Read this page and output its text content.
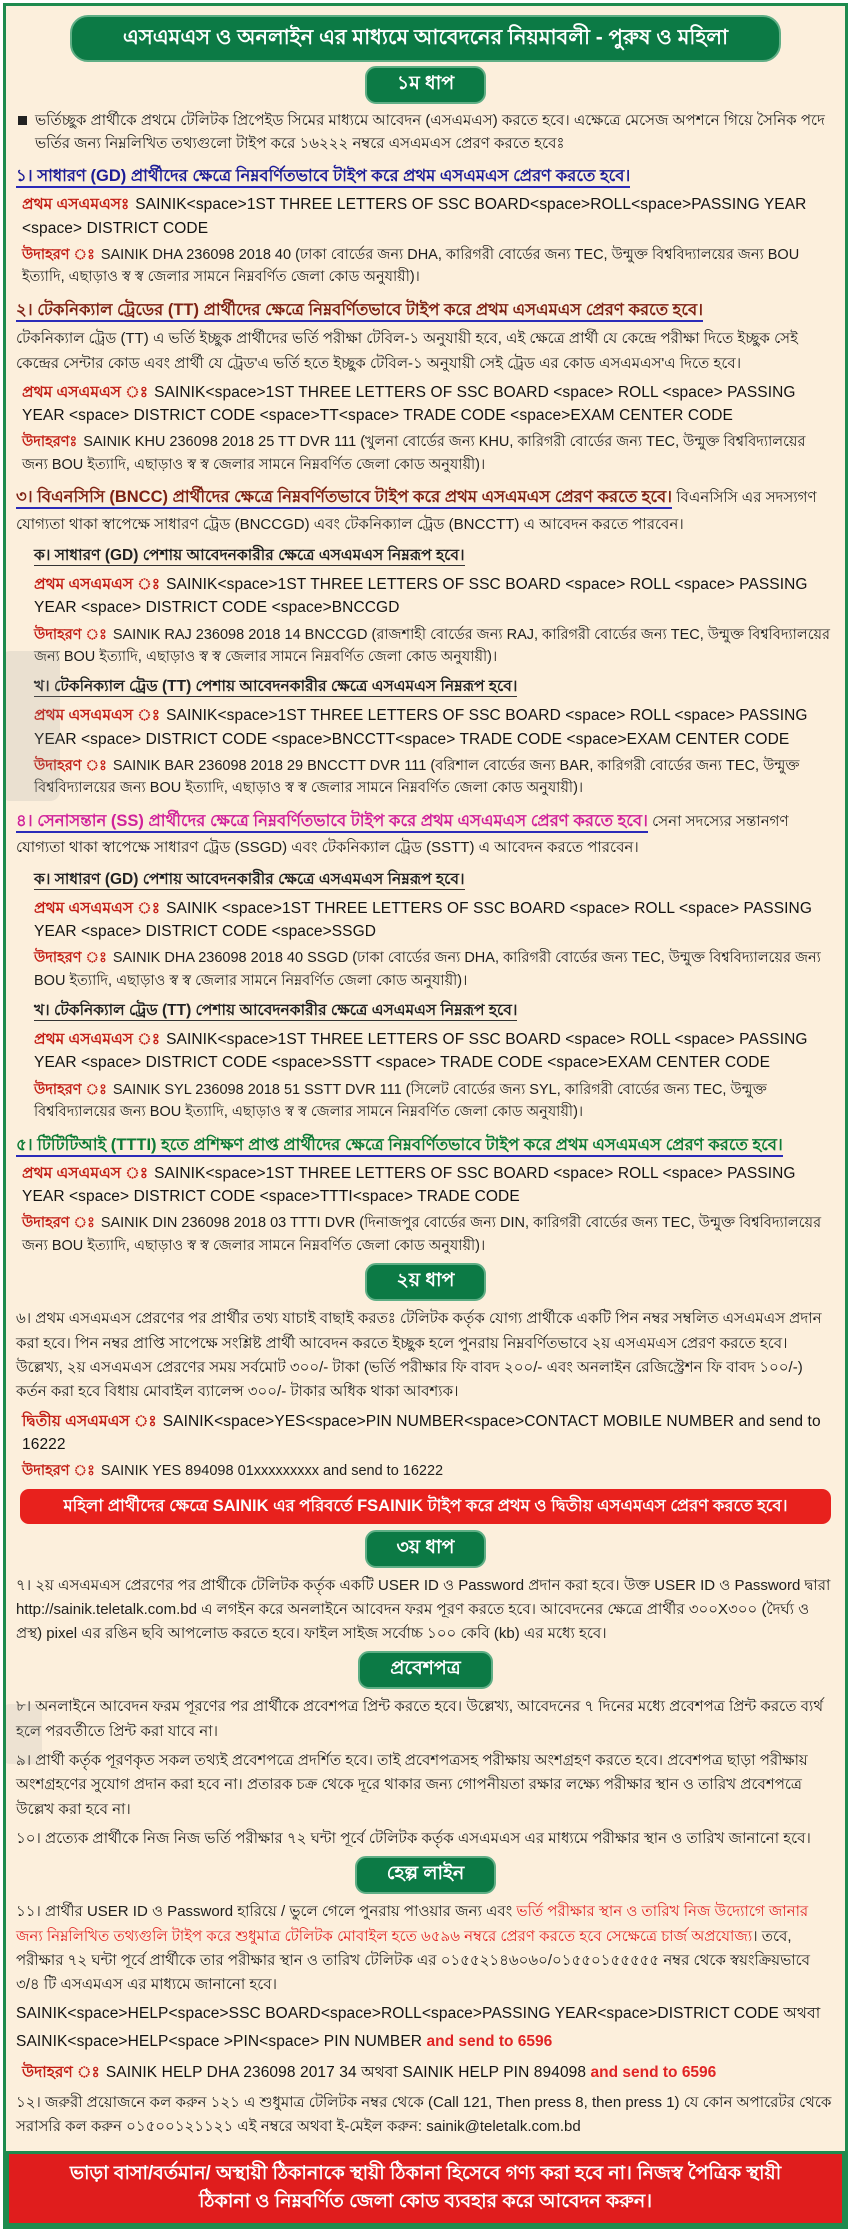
এসএমএস ও অনলাইন এর মাধ্যমে আবেদনের নিয়মাবলী - পুরুষ ও মহিলা
১ম ধাপ
ভর্তিচ্ছুক প্রার্থীকে প্রথমে টেলিটক প্রিপেইড সিমের মাধ্যমে আবেদন (এসএমএস) করতে হবে। এক্ষেত্রে মেসেজ অপশনে গিয়ে সৈনিক পদে ভর্তির জন্য নিম্নলিখিত তথ্যগুলো টাইপ করে ১৬২২২ নম্বরে এসএমএস প্রেরণ করতে হবেঃ
১। সাধারণ (GD) প্রার্থীদের ক্ষেত্রে নিম্নবর্ণিতভাবে টাইপ করে প্রথম এসএমএস প্রেরণ করতে হবে।
প্রথম এসএমএসঃ SAINIK<space>1ST THREE LETTERS OF SSC BOARD<space>ROLL<space>PASSING YEAR <space> DISTRICT CODE
উদাহরণ ঃ SAINIK DHA 236098 2018 40 (ঢাকা বোর্ডের জন্য DHA, কারিগরী বোর্ডের জন্য TEC, উন্মুক্ত বিশ্ববিদ্যালয়ের জন্য BOU ইত্যাদি, এছাড়াও স্ব স্ব জেলার সামনে নিম্নবর্ণিত জেলা কোড অনুযায়ী)।
২। টেকনিক্যাল ট্রেডের (TT) প্রার্থীদের ক্ষেত্রে নিম্নবর্ণিতভাবে টাইপ করে প্রথম এসএমএস প্রেরণ করতে হবে।
টেকনিক্যাল ট্রেড (TT) এ ভর্তি ইচ্ছুক প্রার্থীদের ভর্তি পরীক্ষা টেবিল-১ অনুযায়ী হবে, এই ক্ষেত্রে প্রার্থী যে কেন্দ্রে পরীক্ষা দিতে ইচ্ছুক সেই কেন্দ্রের সেন্টার কোড এবং প্রার্থী যে ট্রেড'এ ভর্তি হতে ইচ্ছুক টেবিল-১ অনুযায়ী সেই ট্রেড এর কোড এসএমএস'এ দিতে হবে।
প্রথম এসএমএস ঃ SAINIK<space>1ST THREE LETTERS OF SSC BOARD <space> ROLL <space> PASSING YEAR <space> DISTRICT CODE <space>TT<space> TRADE CODE <space>EXAM CENTER CODE
উদাহরণঃ SAINIK KHU 236098 2018 25 TT DVR 111 (খুলনা বোর্ডের জন্য KHU, কারিগরী বোর্ডের জন্য TEC, উন্মুক্ত বিশ্ববিদ্যালয়ের জন্য BOU ইত্যাদি, এছাড়াও স্ব স্ব জেলার সামনে নিম্নবর্ণিত জেলা কোড অনুযায়ী)।
৩। বিএনসিসি (BNCC) প্রার্থীদের ক্ষেত্রে নিম্নবর্ণিতভাবে টাইপ করে প্রথম এসএমএস প্রেরণ করতে হবে। বিএনসিসি এর সদস্যগণ যোগ্যতা থাকা স্বাপেক্ষে সাধারণ ট্রেড (BNCCGD) এবং টেকনিক্যাল ট্রেড (BNCCTT) এ আবেদন করতে পারবেন।
ক। সাধারণ (GD) পেশায় আবেদনকারীর ক্ষেত্রে এসএমএস নিম্নরূপ হবে।
প্রথম এসএমএস ঃ SAINIK<space>1ST THREE LETTERS OF SSC BOARD <space> ROLL <space> PASSING YEAR <space> DISTRICT CODE <space>BNCCGD
উদাহরণ ঃ SAINIK RAJ 236098 2018 14 BNCCGD (রাজশাহী বোর্ডের জন্য RAJ, কারিগরী বোর্ডের জন্য TEC, উন্মুক্ত বিশ্ববিদ্যালয়ের জন্য BOU ইত্যাদি, এছাড়াও স্ব স্ব জেলার সামনে নিম্নবর্ণিত জেলা কোড অনুযায়ী)।
খ। টেকনিক্যাল ট্রেড (TT) পেশায় আবেদনকারীর ক্ষেত্রে এসএমএস নিম্নরূপ হবে।
প্রথম এসএমএস ঃ SAINIK<space>1ST THREE LETTERS OF SSC BOARD <space> ROLL <space> PASSING YEAR <space> DISTRICT CODE <space>BNCCTT<space> TRADE CODE <space>EXAM CENTER CODE
উদাহরণ ঃ SAINIK BAR 236098 2018 29 BNCCTT DVR 111 (বরিশাল বোর্ডের জন্য BAR, কারিগরী বোর্ডের জন্য TEC, উন্মুক্ত বিশ্ববিদ্যালয়ের জন্য BOU ইত্যাদি, এছাড়াও স্ব স্ব জেলার সামনে নিম্নবর্ণিত জেলা কোড অনুযায়ী)।
৪। সেনাসন্তান (SS) প্রার্থীদের ক্ষেত্রে নিম্নবর্ণিতভাবে টাইপ করে প্রথম এসএমএস প্রেরণ করতে হবে। সেনা সদস্যের সন্তানগণ যোগ্যতা থাকা স্বাপেক্ষে সাধারণ ট্রেড (SSGD) এবং টেকনিক্যাল ট্রেড (SSTT) এ আবেদন করতে পারবেন।
ক। সাধারণ (GD) পেশায় আবেদনকারীর ক্ষেত্রে এসএমএস নিম্নরূপ হবে।
প্রথম এসএমএস ঃ SAINIK <space>1ST THREE LETTERS OF SSC BOARD <space> ROLL <space> PASSING YEAR <space> DISTRICT CODE <space>SSGD
উদাহরণ ঃ SAINIK DHA 236098 2018 40 SSGD (ঢাকা বোর্ডের জন্য DHA, কারিগরী বোর্ডের জন্য TEC, উন্মুক্ত বিশ্ববিদ্যালয়ের জন্য BOU ইত্যাদি, এছাড়াও স্ব স্ব জেলার সামনে নিম্নবর্ণিত জেলা কোড অনুযায়ী)।
খ। টেকনিক্যাল ট্রেড (TT) পেশায় আবেদনকারীর ক্ষেত্রে এসএমএস নিম্নরূপ হবে।
প্রথম এসএমএস ঃ SAINIK<space>1ST THREE LETTERS OF SSC BOARD <space> ROLL <space> PASSING YEAR <space> DISTRICT CODE <space>SSTT <space> TRADE CODE <space>EXAM CENTER CODE
উদাহরণ ঃ SAINIK SYL 236098 2018 51 SSTT DVR 111 (সিলেট বোর্ডের জন্য SYL, কারিগরী বোর্ডের জন্য TEC, উন্মুক্ত বিশ্ববিদ্যালয়ের জন্য BOU ইত্যাদি, এছাড়াও স্ব স্ব জেলার সামনে নিম্নবর্ণিত জেলা কোড অনুযায়ী)।
৫। টিটিটিআই (TTTI) হতে প্রশিক্ষণ প্রাপ্ত প্রার্থীদের ক্ষেত্রে নিম্নবর্ণিতভাবে টাইপ করে প্রথম এসএমএস প্রেরণ করতে হবে।
প্রথম এসএমএস ঃ SAINIK<space>1ST THREE LETTERS OF SSC BOARD <space> ROLL <space> PASSING YEAR <space> DISTRICT CODE <space>TTTI<space> TRADE CODE
উদাহরণ ঃ SAINIK DIN 236098 2018 03 TTTI DVR (দিনাজপুর বোর্ডের জন্য DIN, কারিগরী বোর্ডের জন্য TEC, উন্মুক্ত বিশ্ববিদ্যালয়ের জন্য BOU ইত্যাদি, এছাড়াও স্ব স্ব জেলার সামনে নিম্নবর্ণিত জেলা কোড অনুযায়ী)।
২য় ধাপ
৬। প্রথম এসএমএস প্রেরণের পর প্রার্থীর তথ্য যাচাই বাছাই করতঃ টেলিটক কর্তৃক যোগ্য প্রার্থীকে একটি পিন নম্বর সম্বলিত এসএমএস প্রদান করা হবে। পিন নম্বর প্রাপ্তি সাপেক্ষে সংশ্লিষ্ট প্রার্থী আবেদন করতে ইচ্ছুক হলে পুনরায় নিম্নবর্ণিতভাবে ২য় এসএমএস প্রেরণ করতে হবে। উল্লেখ্য, ২য় এসএমএস প্রেরণের সময় সর্বমোট ৩০০/- টাকা (ভর্তি পরীক্ষার ফি বাবদ ২০০/- এবং অনলাইন রেজিস্ট্রেশন ফি বাবদ ১০০/-) কর্তন করা হবে বিধায় মোবাইল ব্যালেন্স ৩০০/- টাকার অধিক থাকা আবশ্যক।
দ্বিতীয় এসএমএস ঃ SAINIK<space>YES<space>PIN NUMBER<space>CONTACT MOBILE NUMBER and send to 16222
উদাহরণ ঃ SAINIK YES 894098 01xxxxxxxxx and send to 16222
মহিলা প্রার্থীদের ক্ষেত্রে SAINIK এর পরিবর্তে FSAINIK টাইপ করে প্রথম ও দ্বিতীয় এসএমএস প্রেরণ করতে হবে।
৩য় ধাপ
৭। ২য় এসএমএস প্রেরণের পর প্রার্থীকে টেলিটক কর্তৃক একটি USER ID ও Password প্রদান করা হবে। উক্ত USER ID ও Password দ্বারা http://sainik.teletalk.com.bd এ লগইন করে অনলাইনে আবেদন ফরম পূরণ করতে হবে। আবেদনের ক্ষেত্রে প্রার্থীর ৩০০X৩০০ (দৈর্ঘ্য ও প্রস্থ) pixel এর রঙিন ছবি আপলোড করতে হবে। ফাইল সাইজ সর্বোচ্চ ১০০ কেবি (kb) এর মধ্যে হবে।
প্রবেশপত্র
৮। অনলাইনে আবেদন ফরম পূরণের পর প্রার্থীকে প্রবেশপত্র প্রিন্ট করতে হবে। উল্লেখ্য, আবেদনের ৭ দিনের মধ্যে প্রবেশপত্র প্রিন্ট করতে ব্যর্থ হলে পরবর্তীতে প্রিন্ট করা যাবে না।
৯। প্রার্থী কর্তৃক পূরণকৃত সকল তথ্যই প্রবেশপত্রে প্রদর্শিত হবে। তাই প্রবেশপত্রসহ পরীক্ষায় অংশগ্রহণ করতে হবে। প্রবেশপত্র ছাড়া পরীক্ষায় অংশগ্রহণের সুযোগ প্রদান করা হবে না। প্রতারক চক্র থেকে দূরে থাকার জন্য গোপনীয়তা রক্ষার লক্ষ্যে পরীক্ষার স্থান ও তারিখ প্রবেশপত্রে উল্লেখ করা হবে না।
১০। প্রত্যেক প্রার্থীকে নিজ নিজ ভর্তি পরীক্ষার ৭২ ঘন্টা পূর্বে টেলিটক কর্তৃক এসএমএস এর মাধ্যমে পরীক্ষার স্থান ও তারিখ জানানো হবে।
হেল্প লাইন
১১। প্রার্থীর USER ID ও Password হারিয়ে / ভুলে গেলে পুনরায় পাওয়ার জন্য এবং ভর্তি পরীক্ষার স্থান ও তারিখ নিজ উদ্যোগে জানার জন্য নিম্নলিখিত তথ্যগুলি টাইপ করে শুধুমাত্র টেলিটক মোবাইল হতে ৬৫৯৬ নম্বরে প্রেরণ করতে হবে সেক্ষেত্রে চার্জ অপ্রযোজ্য। তবে, পরীক্ষার ৭২ ঘন্টা পূর্বে প্রার্থীকে তার পরীক্ষার স্থান ও তারিখ টেলিটক এর ০১৫৫২১৪৬০৬০/০১৫৫০১৫৫৫৫৫ নম্বর থেকে স্বয়ংক্রিয়ভাবে ৩/৪ টি এসএমএস এর মাধ্যমে জানানো হবে।
SAINIK<space>HELP<space>SSC BOARD<space>ROLL<space>PASSING YEAR<space>DISTRICT CODE অথবা
SAINIK<space>HELP<space >PIN<space> PIN NUMBER and send to 6596
উদাহরণ ঃ SAINIK HELP DHA 236098 2017 34 অথবা SAINIK HELP PIN 894098 and send to 6596
১২। জরুরী প্রয়োজনে কল করুন ১২১ এ শুধুমাত্র টেলিটক নম্বর থেকে (Call 121, Then press 8, then press 1) যে কোন অপারেটর থেকে সরাসরি কল করুন ০১৫০০১২১১২১ এই নম্বরে অথবা ই-মেইল করুন: sainik@teletalk.com.bd
ভাড়া বাসা/বর্তমান/ অস্থায়ী ঠিকানাকে স্থায়ী ঠিকানা হিসেবে গণ্য করা হবে না। নিজস্ব পৈত্রিক স্থায়ী ঠিকানা ও নিম্নবর্ণিত জেলা কোড ব্যবহার করে আবেদন করুন।
